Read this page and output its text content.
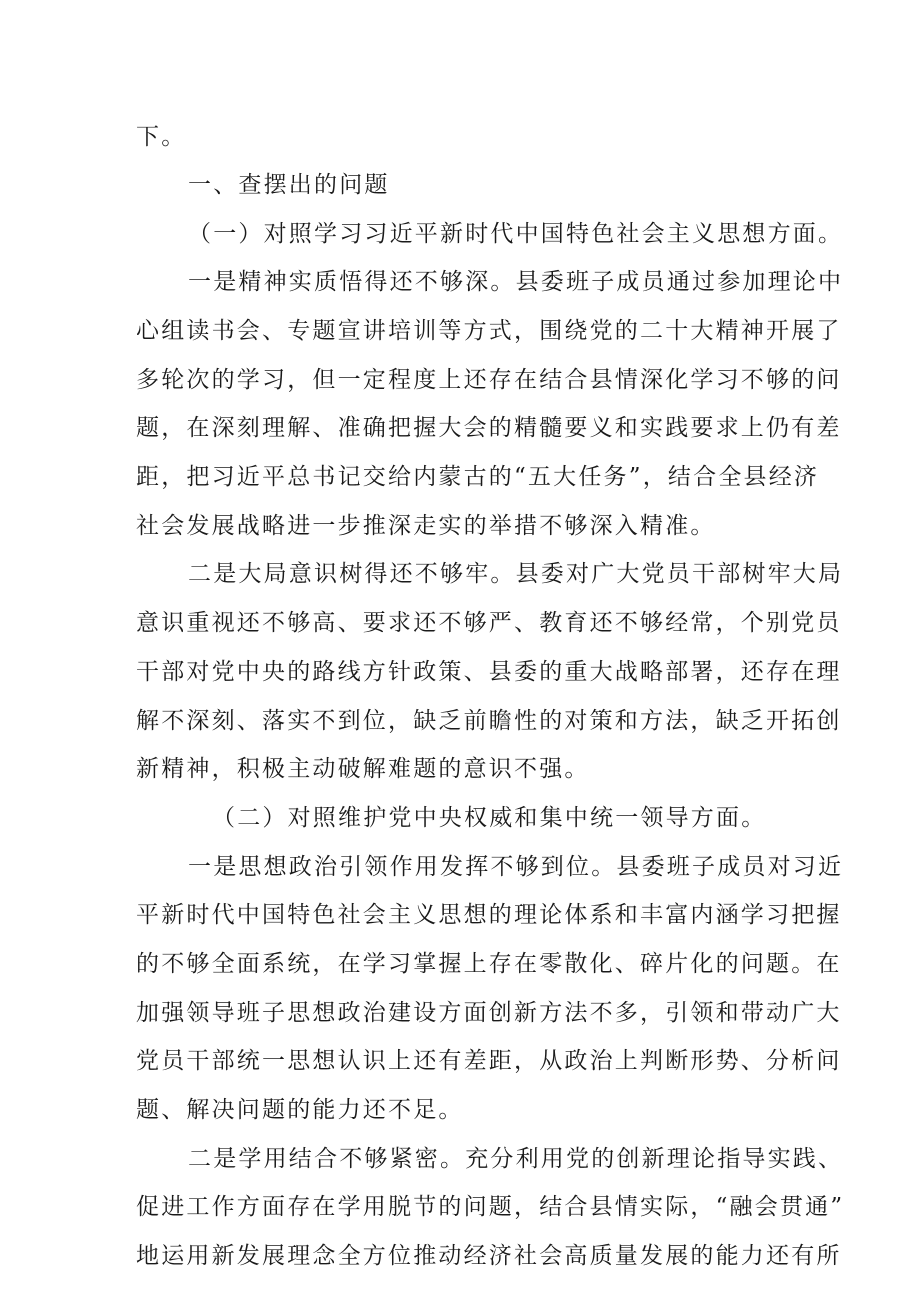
下。
一、查摆出的问题
（一）对照学习习近平新时代中国特色社会主义思想方面。
一是精神实质悟得还不够深。县委班子成员通过参加理论中
心组读书会、专题宣讲培训等方式，围绕党的二十大精神开展了
多轮次的学习，但一定程度上还存在结合县情深化学习不够的问
题，在深刻理解、准确把握大会的精髓要义和实践要求上仍有差
距，把习近平总书记交给内蒙古的“五大任务”，结合全县经济
社会发展战略进一步推深走实的举措不够深入精准。
二是大局意识树得还不够牢。县委对广大党员干部树牢大局
意识重视还不够高、要求还不够严、教育还不够经常，个别党员
干部对党中央的路线方针政策、县委的重大战略部署，还存在理
解不深刻、落实不到位，缺乏前瞻性的对策和方法，缺乏开拓创
新精神，积极主动破解难题的意识不强。
（二）对照维护党中央权威和集中统一领导方面。
一是思想政治引领作用发挥不够到位。县委班子成员对习近
平新时代中国特色社会主义思想的理论体系和丰富内涵学习把握
的不够全面系统，在学习掌握上存在零散化、碎片化的问题。在
加强领导班子思想政治建设方面创新方法不多，引领和带动广大
党员干部统一思想认识上还有差距，从政治上判断形势、分析问
题、解决问题的能力还不足。
二是学用结合不够紧密。充分利用党的创新理论指导实践、
促进工作方面存在学用脱节的问题，结合县情实际，“融会贯通”
地运用新发展理念全方位推动经济社会高质量发展的能力还有所
